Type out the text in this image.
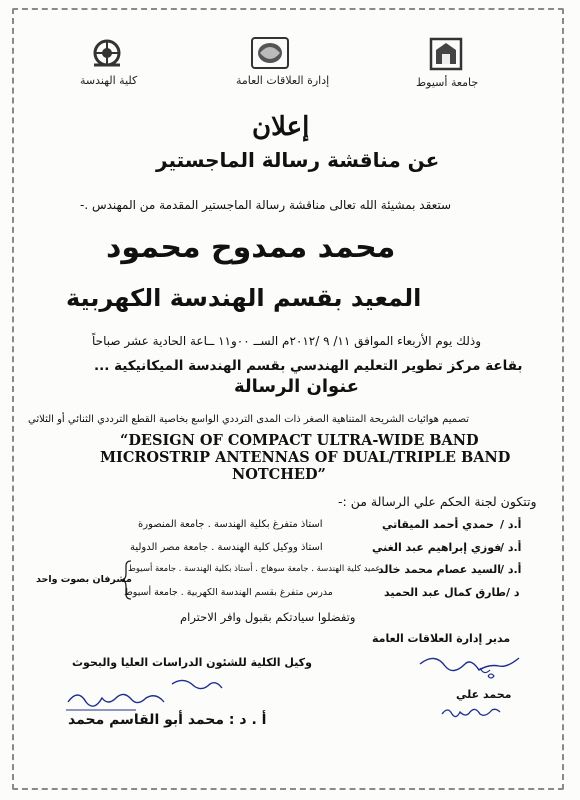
كلية الهندسة	إدارة العلاقات العامة	جامعة أسيوط
إعلان
عن مناقشة رسالة الماجستير
ستعقد بمشيئة الله تعالى مناقشة رسالة الماجستير المقدمة من المهندس .-
محمد ممدوح محمود
المعيد بقسم الهندسة الكهربية
وذلك يوم الأربعاء الموافق ١١/ ٩ /٢٠١٢م الســ ٠٠و١١ ــاعة الحادية عشر صباحاً
بقاعة مركز تطوير التعليم الهندسي بقسم الهندسة الميكانيكية ...
عنوان الرسالة
تصميم هوائيات الشريحة المتناهية الصغر ذات المدى الترددي الواسع بخاصية القطع الترددي الثنائي أو الثلاثي
“DESIGN OF COMPACT ULTRA-WIDE BAND
MICROSTRIP ANTENNAS OF DUAL/TRIPLE BAND
NOTCHED”
وتتكون لجنة الحكم علي الرسالة من :-
أ.د /
حمدي أحمد الميقاتي
استاذ متفرغ بكلية الهندسة . جامعة المنصورة
أ.د /
فوزي إبراهيم عبد الغني
استاذ ووكيل كلية الهندسة . جامعة مصر الدولية
أ.د /
السيد عصام محمد خالد
عميد كلية الهندسة . جامعة سوهاج . أستاذ بكلية الهندسة . جامعة أسيوط
د /
طارق كمال عبد الحميد
مدرس متفرغ بقسم الهندسة الكهربية . جامعة أسيوط
مشرفان بصوت واحد
وتفضلوا سيادتكم بقبول وافر الاحترام
مدير إدارة العلاقات العامة
محمد علي
وكيل الكلية للشئون الدراسات العليا والبحوث
أ . د : محمد أبو القاسم محمد
